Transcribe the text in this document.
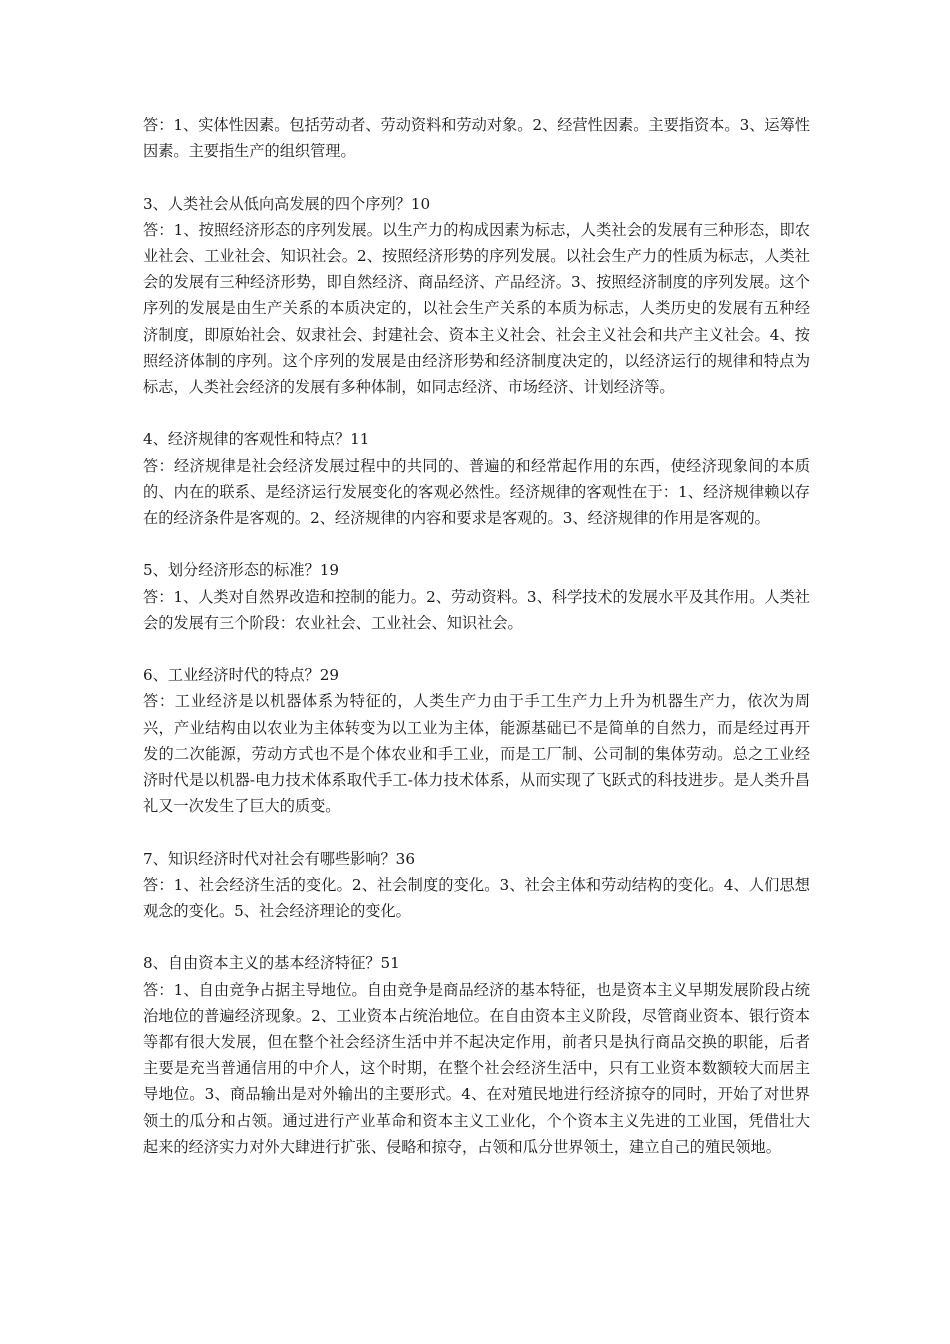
答：1、实体性因素。包括劳动者、劳动资料和劳动对象。2、经营性因素。主要指资本。3、运筹性因素。主要指生产的组织管理。

3、人类社会从低向高发展的四个序列？10

答：1、按照经济形态的序列发展。以生产力的构成因素为标志，人类社会的发展有三种形态，即农业社会、工业社会、知识社会。2、按照经济形势的序列发展。以社会生产力的性质为标志，人类社会的发展有三种经济形势，即自然经济、商品经济、产品经济。3、按照经济制度的序列发展。这个序列的发展是由生产关系的本质决定的，以社会生产关系的本质为标志，人类历史的发展有五种经济制度，即原始社会、奴隶社会、封建社会、资本主义社会、社会主义社会和共产主义社会。4、按照经济体制的序列。这个序列的发展是由经济形势和经济制度决定的，以经济运行的规律和特点为标志，人类社会经济的发展有多种体制，如同志经济、市场经济、计划经济等。

4、经济规律的客观性和特点？11

答：经济规律是社会经济发展过程中的共同的、普遍的和经常起作用的东西，使经济现象间的本质的、内在的联系、是经济运行发展变化的客观必然性。经济规律的客观性在于：1、经济规律赖以存在的经济条件是客观的。2、经济规律的内容和要求是客观的。3、经济规律的作用是客观的。

5、划分经济形态的标准？19

答：1、人类对自然界改造和控制的能力。2、劳动资料。3、科学技术的发展水平及其作用。人类社会的发展有三个阶段：农业社会、工业社会、知识社会。

6、工业经济时代的特点？29

答：工业经济是以机器体系为特征的，人类生产力由于手工生产力上升为机器生产力，依次为周兴，产业结构由以农业为主体转变为以工业为主体，能源基础已不是简单的自然力，而是经过再开发的二次能源，劳动方式也不是个体农业和手工业，而是工厂制、公司制的集体劳动。总之工业经济时代是以机器-电力技术体系取代手工-体力技术体系，从而实现了飞跃式的科技进步。是人类升昌礼又一次发生了巨大的质变。

7、知识经济时代对社会有哪些影响？36

答：1、社会经济生活的变化。2、社会制度的变化。3、社会主体和劳动结构的变化。4、人们思想观念的变化。5、社会经济理论的变化。

8、自由资本主义的基本经济特征？51

答：1、自由竞争占据主导地位。自由竞争是商品经济的基本特征，也是资本主义早期发展阶段占统治地位的普遍经济现象。2、工业资本占统治地位。在自由资本主义阶段，尽管商业资本、银行资本等都有很大发展，但在整个社会经济生活中并不起决定作用，前者只是执行商品交换的职能，后者主要是充当普通信用的中介人，这个时期，在整个社会经济生活中，只有工业资本数额较大而居主导地位。3、商品输出是对外输出的主要形式。4、在对殖民地进行经济掠夺的同时，开始了对世界领土的瓜分和占领。通过进行产业革命和资本主义工业化，个个资本主义先进的工业国，凭借壮大起来的经济实力对外大肆进行扩张、侵略和掠夺，占领和瓜分世界领土，建立自己的殖民领地。
